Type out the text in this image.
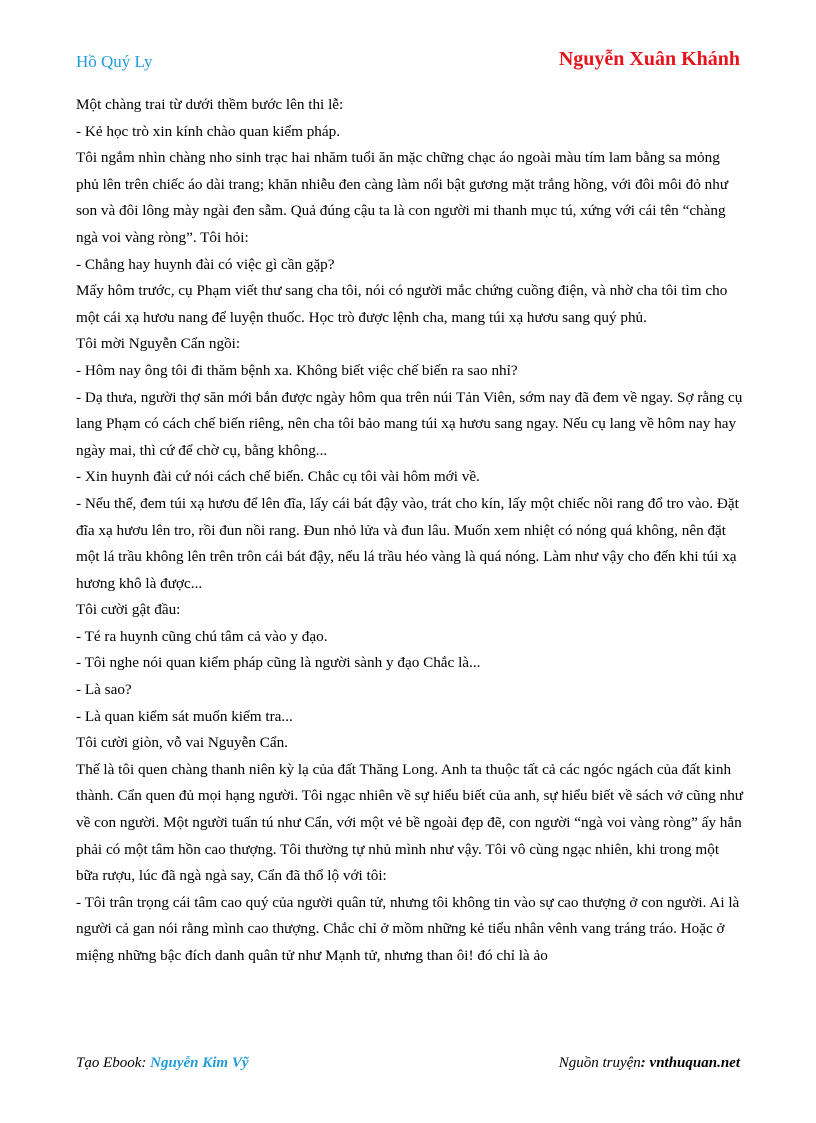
Hồ Quý Ly	Nguyễn Xuân Khánh

Một chàng trai từ dưới thềm bước lên thi lễ:

- Kẻ học trò xin kính chào quan kiểm pháp.

Tôi ngắm nhìn chàng nho sinh trạc hai nhăm tuổi ăn mặc chững chạc áo ngoài màu tím lam bằng sa mỏng phủ lên trên chiếc áo dài trang; khăn nhiễu đen càng làm nổi bật gương mặt trắng hồng, với đôi môi đỏ như son và đôi lông mày ngài đen sẫm. Quả đúng cậu ta là con người mi thanh mục tú, xứng với cái tên “chàng ngà voi vàng ròng”. Tôi hỏi:

- Chẳng hay huynh đài có việc gì cần gặp?

Mấy hôm trước, cụ Phạm viết thư sang cha tôi, nói có người mắc chứng cuồng điện, và nhờ cha tôi tìm cho một cái xạ hươu nang để luyện thuốc. Học trò được lệnh cha, mang túi xạ hươu sang quý phủ.

Tôi mời Nguyễn Cẩn ngồi:

- Hôm nay ông tôi đi thăm bệnh xa. Không biết việc chế biến ra sao nhỉ?

- Dạ thưa, người thợ săn mới bắn được ngày hôm qua trên núi Tản Viên, sớm nay đã đem về ngay. Sợ rằng cụ lang Phạm có cách chế biến riêng, nên cha tôi bảo mang túi xạ hươu sang ngay. Nếu cụ lang về hôm nay hay ngày mai, thì cứ để chờ cụ, bằng không...

- Xin huynh đài cứ nói cách chế biến. Chắc cụ tôi vài hôm mới về.

- Nếu thế, đem túi xạ hươu để lên đĩa, lấy cái bát đậy vào, trát cho kín, lấy một chiếc nồi rang đổ tro vào. Đặt đĩa xạ hươu lên tro, rồi đun nồi rang. Đun nhỏ lửa và đun lâu. Muốn xem nhiệt có nóng quá không, nên đặt một lá trầu không lên trên trôn cái bát đậy, nếu lá trầu héo vàng là quá nóng. Làm như vậy cho đến khi túi xạ hương khô là được...

Tôi cười gật đầu:

- Té ra huynh cũng chú tâm cả vào y đạo.

- Tôi nghe nói quan kiểm pháp cũng là người sành y đạo Chắc là...

- Là sao?

- Là quan kiểm sát muốn kiểm tra...

Tôi cười giòn, vỗ vai Nguyễn Cẩn.

Thế là tôi quen chàng thanh niên kỳ lạ của đất Thăng Long. Anh ta thuộc tất cả các ngóc ngách của đất kinh thành. Cẩn quen đủ mọi hạng người. Tôi ngạc nhiên về sự hiểu biết của anh, sự hiểu biết về sách vở cũng như về con người. Một người tuấn tú như Cẩn, với một vẻ bề ngoài đẹp đẽ, con người “ngà voi vàng ròng” ấy hẳn phải có một tâm hồn cao thượng. Tôi thường tự nhủ mình như vậy. Tôi vô cùng ngạc nhiên, khi trong một bữa rượu, lúc đã ngà ngà say, Cẩn đã thổ lộ với tôi:

- Tôi trân trọng cái tâm cao quý của người quân tử, nhưng tôi không tin vào sự cao thượng ở con người. Ai là người cả gan nói rằng mình cao thượng. Chắc chỉ ở mồm những kẻ tiểu nhân vênh vang tráng tráo. Hoặc ở miệng những bậc đích danh quân tử như Mạnh tử, nhưng than ôi! đó chỉ là ảo

Tạo Ebook: Nguyễn Kim Vỹ	Nguồn truyện: vnthuquan.net
